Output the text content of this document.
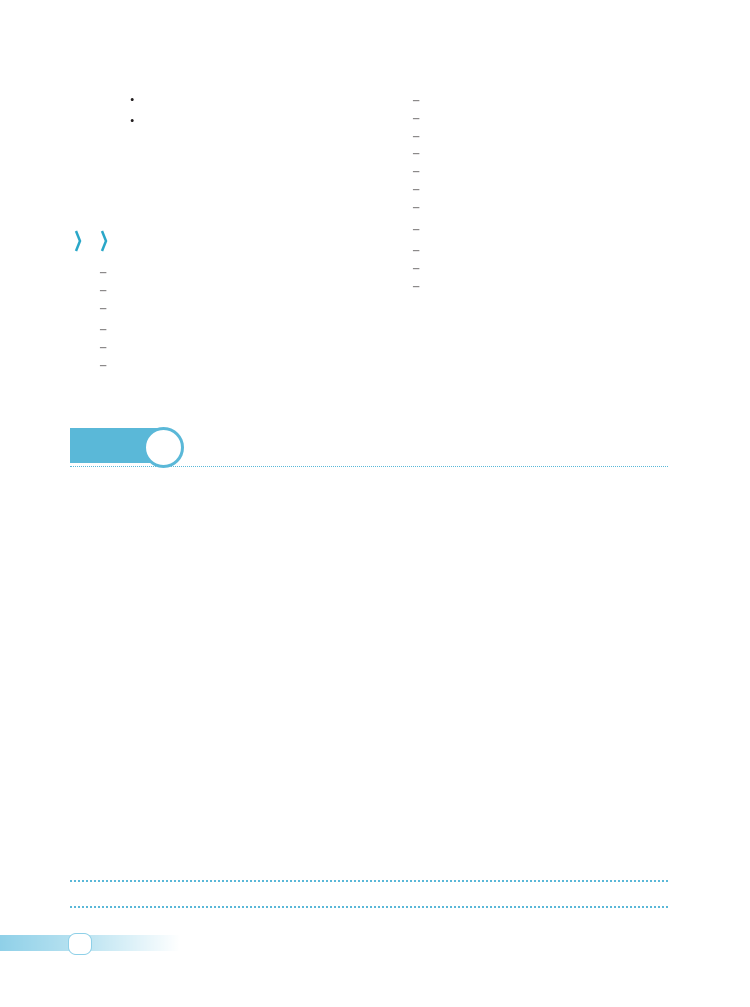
•
•
–
–
–
–
–
–
–
–
–
–
–
–
–
–
–
–
–
